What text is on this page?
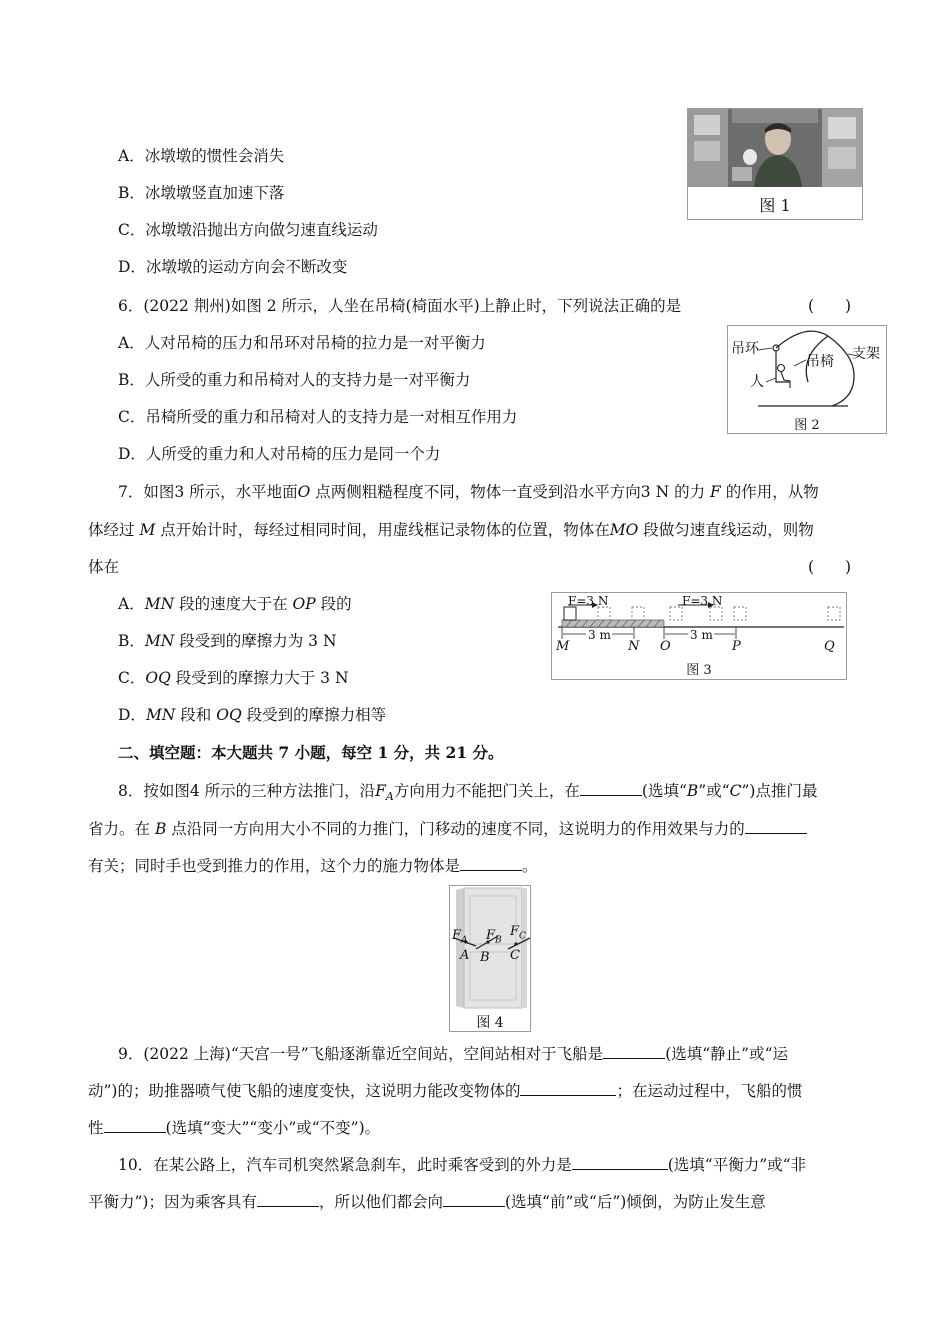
A．冰墩墩的惯性会消失
B．冰墩墩竖直加速下落
C．冰墩墩沿抛出方向做匀速直线运动
D．冰墩墩的运动方向会不断改变
图 1
6．(2022 荆州)如图 2 所示，人坐在吊椅(椅面水平)上静止时，下列说法正确的是	(　　)
A．人对吊椅的压力和吊环对吊椅的拉力是一对平衡力
B．人所受的重力和吊椅对人的支持力是一对平衡力
C．吊椅所受的重力和吊椅对人的支持力是一对相互作用力
D．人所受的重力和人对吊椅的压力是同一个力
吊环
吊椅 支架
人
图 2
7．如图3 所示，水平地面O 点两侧粗糙程度不同，物体一直受到沿水平方向3 N 的力 F 的作用，从物
体经过 M 点开始计时，每经过相同时间，用虚线框记录物体的位置，物体在MO 段做匀速直线运动，则物
体在	(　　)
A．MN 段的速度大于在 OP 段的
B．MN 段受到的摩擦力为 3 N
C．OQ 段受到的摩擦力大于 3 N
D．MN 段和 OQ 段受到的摩擦力相等
F=3 N	F=3 N
3 m	3 m
M	N O	P	Q
图 3
二、填空题：本大题共 7 小题，每空 1 分，共 21 分。
8．按如图4 所示的三种方法推门，沿$F_A$方向用力不能把门关上，在	(选填“B”或“C”)点推门最
省力。在 B 点沿同一方向用大小不同的力推门，门移动的速度不同，这说明力的作用效果与力的
有关；同时手也受到推力的作用，这个力的施力物体是	。
$F_A$ $F_B$
$F_C$
A B C
图 4
9．(2022 上海)“天宫一号”飞船逐渐靠近空间站，空间站相对于飞船是	(选填“静止”或“运
动”)的；助推器喷气使飞船的速度变快，这说明力能改变物体的	；在运动过程中，飞船的惯
性	(选填“变大”“变小”或“不变”)。
10．在某公路上，汽车司机突然紧急刹车，此时乘客受到的外力是	(选填“平衡力”或“非
平衡力”)；因为乘客具有	，所以他们都会向	(选填“前”或“后”)倾倒，为防止发生意
